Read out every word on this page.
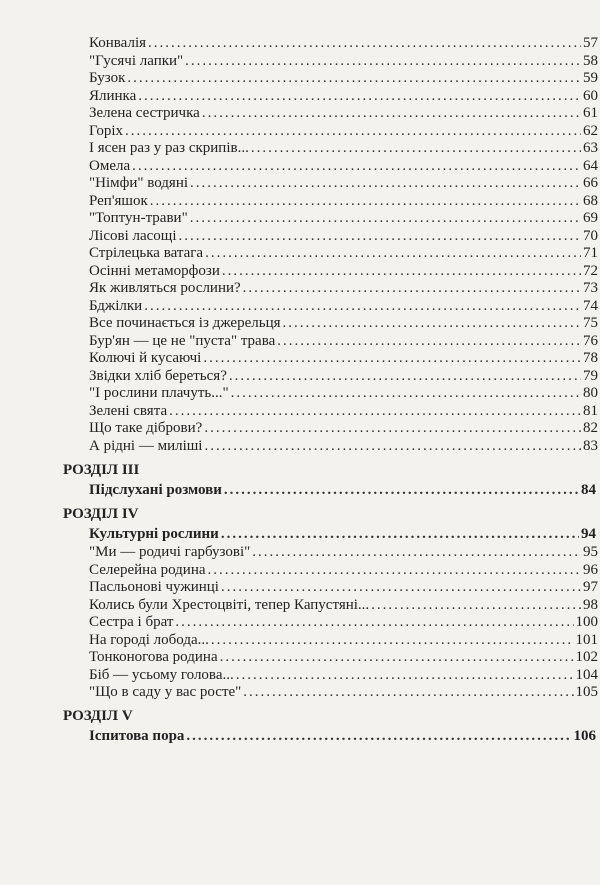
Конвалія .....	57
"Гусячі лапки" .....	58
Бузок .....	59
Ялинка .....	60
Зелена сестричка .....	61
Горіх .....	62
І ясен раз у раз скрипів... .....	63
Омела .....	64
"Німфи" водяні .....	66
Реп'яшок .....	68
"Топтун-трави" .....	69
Лісові ласощі .....	70
Стрілецька ватага .....	71
Осінні метаморфози .....	72
Як живляться рослини? .....	73
Бджілки .....	74
Все починається із джерельця .....	75
Бур'ян — це не "пуста" трава .....	76
Колючі й кусаючі .....	78
Звідки хліб береться? .....	79
"І рослини плачуть..." .....	80
Зелені свята .....	81
Що таке діброви? .....	82
А рідні — миліші .....	83
РОЗДІЛ III
Підслухані розмови .....	84
РОЗДІЛ IV
Культурні рослини .....	94
"Ми — родичі гарбузові" .....	95
Селерейна родина .....	96
Пасльонові чужинці .....	97
Колись були Хрестоцвіті, тепер Капустяні... .....	98
Сестра і брат .....	100
На городі лобода... .....	101
Тонконогова родина .....	102
Біб — усьому голова... .....	104
"Що в саду у вас росте" .....	105
РОЗДІЛ V
Іспитова пора .....	106
